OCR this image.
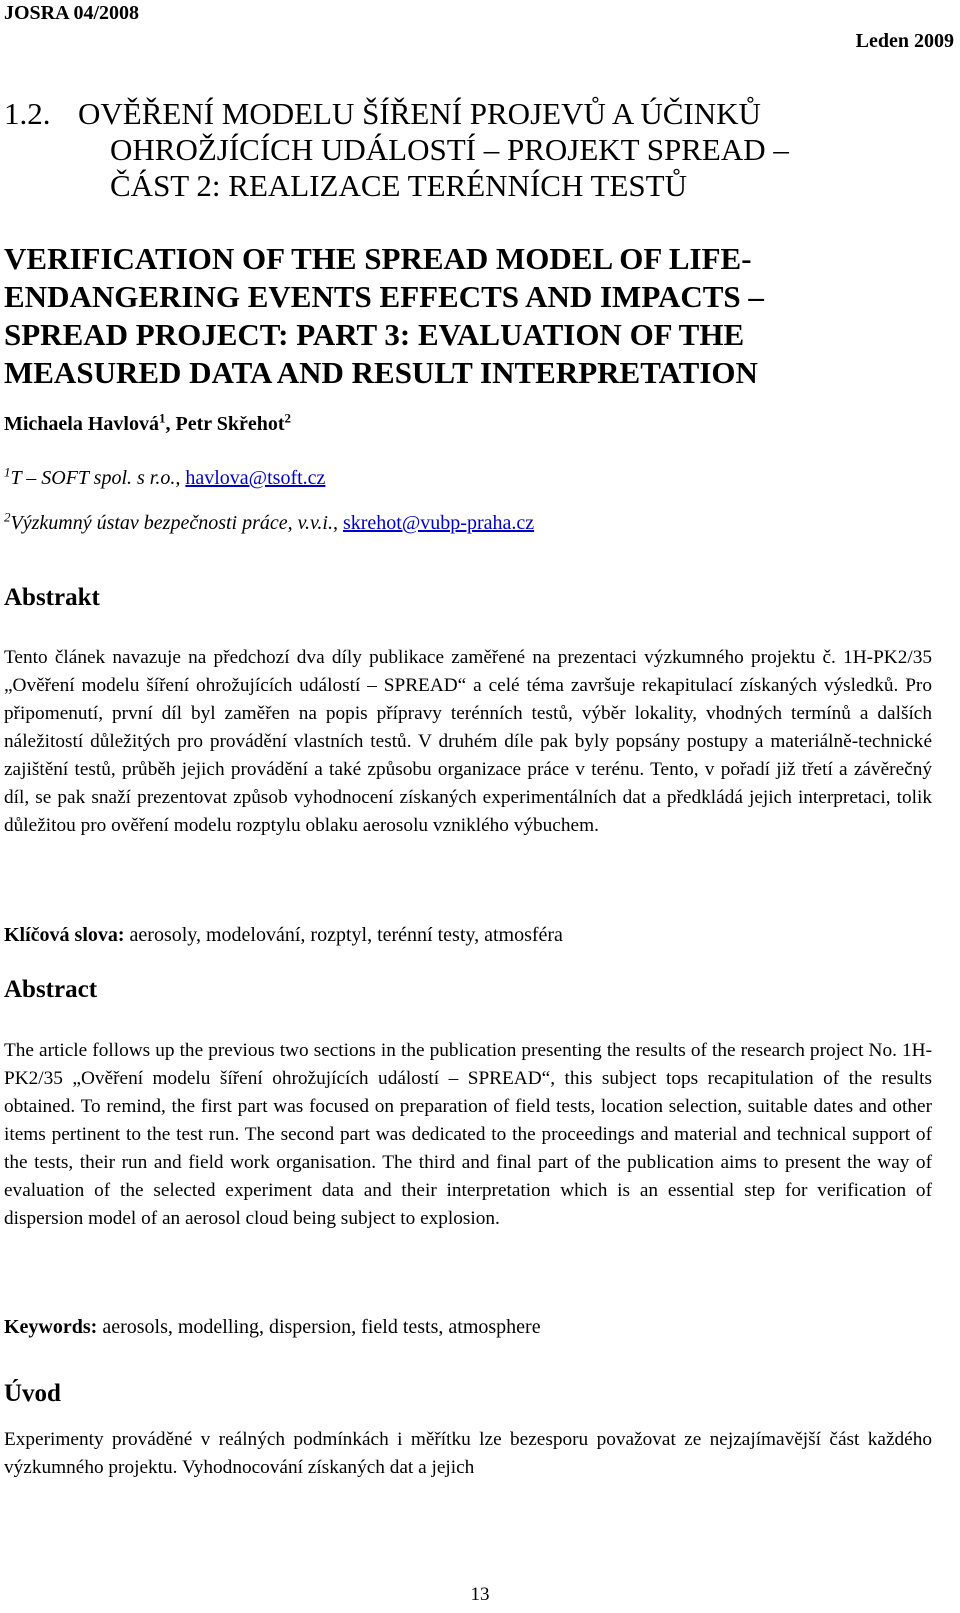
JOSRA 04/2008
Leden 2009
1.2. OVĚŘENÍ MODELU ŠÍŘENÍ PROJEVŮ A ÚČINKŮ
OHROŽJÍCÍCH UDÁLOSTÍ – PROJEKT SPREAD –
ČÁST 2: REALIZACE TERÉNNÍCH TESTŮ
VERIFICATION OF THE SPREAD MODEL OF LIFE-
ENDANGERING EVENTS EFFECTS AND IMPACTS –
SPREAD PROJECT: PART 3: EVALUATION OF THE
MEASURED DATA AND RESULT INTERPRETATION
Michaela Havlová$^1$, Petr Skřehot$^2$
$^1$T – SOFT spol. s r.o., havlova@tsoft.cz
$^2$Výzkumný ústav bezpečnosti práce, v.v.i., skrehot@vubp-praha.cz
Abstrakt
Tento článek navazuje na předchozí dva díly publikace zaměřené na prezentaci výzkumného projektu č. 1H-PK2/35 „Ověření modelu šíření ohrožujících událostí – SPREAD“ a celé téma završuje rekapitulací získaných výsledků. Pro připomenutí, první díl byl zaměřen na popis přípravy terénních testů, výběr lokality, vhodných termínů a dalších náležitostí důležitých pro provádění vlastních testů. V druhém díle pak byly popsány postupy a materiálně-technické zajištění testů, průběh jejich provádění a také způsobu organizace práce v terénu. Tento, v pořadí již třetí a závěrečný díl, se pak snaží prezentovat způsob vyhodnocení získaných experimentálních dat a předkládá jejich interpretaci, tolik důležitou pro ověření modelu rozptylu oblaku aerosolu vzniklého výbuchem.
Klíčová slova: aerosoly, modelování, rozptyl, terénní testy, atmosféra
Abstract
The article follows up the previous two sections in the publication presenting the results of the research project No. 1H-PK2/35 „Ověření modelu šíření ohrožujících událostí – SPREAD“, this subject tops recapitulation of the results obtained. To remind, the first part was focused on preparation of field tests, location selection, suitable dates and other items pertinent to the test run. The second part was dedicated to the proceedings and material and technical support of the tests, their run and field work organisation. The third and final part of the publication aims to present the way of evaluation of the selected experiment data and their interpretation which is an essential step for verification of dispersion model of an aerosol cloud being subject to explosion.
Keywords: aerosols, modelling, dispersion, field tests, atmosphere
Úvod
Experimenty prováděné v reálných podmínkách i měřítku lze bezesporu považovat ze nejzajímavější část každého výzkumného projektu. Vyhodnocování získaných dat a jejich
13
